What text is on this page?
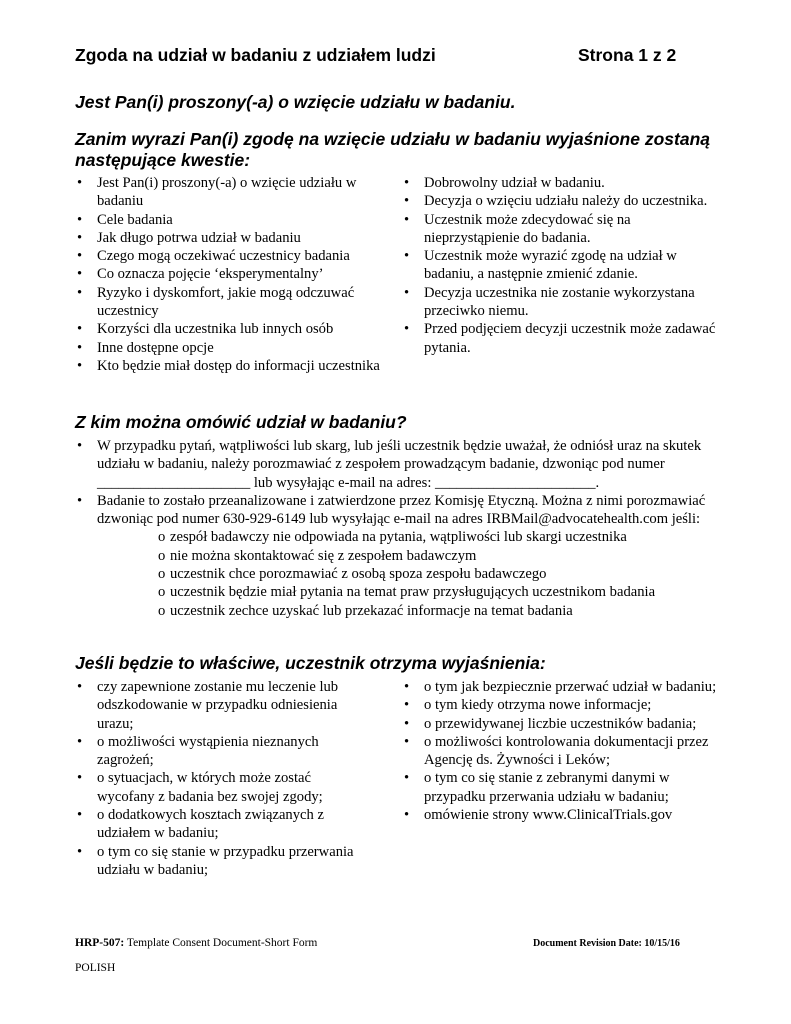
Zgoda na udział w badaniu z udziałem ludzi	Strona 1 z 2
Jest Pan(i) proszony(-a) o wzięcie udziału w badaniu.
Zanim wyrazi Pan(i) zgodę na wzięcie udziału w badaniu wyjaśnione zostaną następujące kwestie:
• Jest Pan(i) proszony(-a) o wzięcie udziału w badaniu
• Cele badania
• Jak długo potrwa udział w badaniu
• Czego mogą oczekiwać uczestnicy badania
• Co oznacza pojęcie ‘eksperymentalny’
• Ryzyko i dyskomfort, jakie mogą odczuwać uczestnicy
• Korzyści dla uczestnika lub innych osób
• Inne dostępne opcje
• Kto będzie miał dostęp do informacji uczestnika
• Dobrowolny udział w badaniu.
• Decyzja o wzięciu udziału należy do uczestnika.
• Uczestnik może zdecydować się na nieprzystąpienie do badania.
• Uczestnik może wyrazić zgodę na udział w badaniu, a następnie zmienić zdanie.
• Decyzja uczestnika nie zostanie wykorzystana przeciwko niemu.
• Przed podjęciem decyzji uczestnik może zadawać pytania.
Z kim można omówić udział w badaniu?
• W przypadku pytań, wątpliwości lub skarg, lub jeśli uczestnik będzie uważał, że odniósł uraz na skutek udziału w badaniu, należy porozmawiać z zespołem prowadzącym badanie, dzwoniąc pod numer _____________________ lub wysyłając e-mail na adres: ______________________.
• Badanie to zostało przeanalizowane i zatwierdzone przez Komisję Etyczną. Można z nimi porozmawiać dzwoniąc pod numer 630-929-6149 lub wysyłając e-mail na adres IRBMail@advocatehealth.com jeśli:
o zespół badawczy nie odpowiada na pytania, wątpliwości lub skargi uczestnika
o nie można skontaktować się z zespołem badawczym
o uczestnik chce porozmawiać z osobą spoza zespołu badawczego
o uczestnik będzie miał pytania na temat praw przysługujących uczestnikom badania
o uczestnik zechce uzyskać lub przekazać informacje na temat badania
Jeśli będzie to właściwe, uczestnik otrzyma wyjaśnienia:
• czy zapewnione zostanie mu leczenie lub odszkodowanie w przypadku odniesienia urazu;
• o możliwości wystąpienia nieznanych zagrożeń;
• o sytuacjach, w których może zostać wycofany z badania bez swojej zgody;
• o dodatkowych kosztach związanych z udziałem w badaniu;
• o tym co się stanie w przypadku przerwania udziału w badaniu;
• o tym jak bezpiecznie przerwać udział w badaniu;
• o tym kiedy otrzyma nowe informacje;
• o przewidywanej liczbie uczestników badania;
• o możliwości kontrolowania dokumentacji przez Agencję ds. Żywności i Leków;
• o tym co się stanie z zebranymi danymi w przypadku przerwania udziału w badaniu;
• omówienie strony www.ClinicalTrials.gov
HRP-507: Template Consent Document-Short Form	Document Revision Date: 10/15/16
POLISH
